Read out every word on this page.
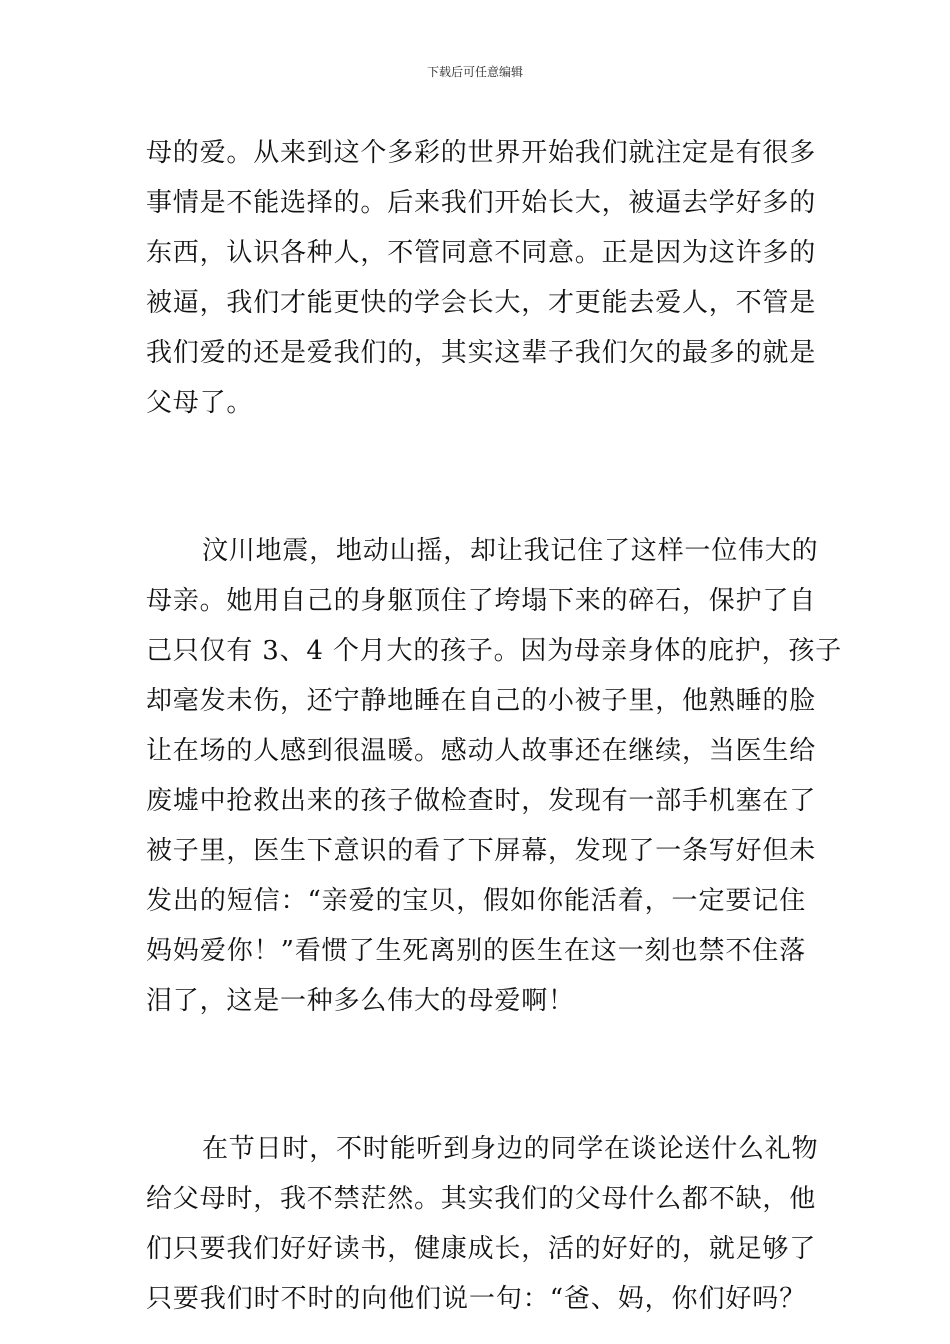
下载后可任意编辑

母的爱。从来到这个多彩的世界开始我们就注定是有很多
事情是不能选择的。后来我们开始长大，被逼去学好多的
东西，认识各种人，不管同意不同意。正是因为这许多的
被逼，我们才能更快的学会长大，才更能去爱人，不管是
我们爱的还是爱我们的，其实这辈子我们欠的最多的就是
父母了。

汶川地震，地动山摇，却让我记住了这样一位伟大的
母亲。她用自己的身躯顶住了垮塌下来的碎石，保护了自
己只仅有 3、4 个月大的孩子。因为母亲身体的庇护，孩子
却毫发未伤，还宁静地睡在自己的小被子里，他熟睡的脸
让在场的人感到很温暖。感动人故事还在继续，当医生给
废墟中抢救出来的孩子做检查时，发现有一部手机塞在了
被子里，医生下意识的看了下屏幕，发现了一条写好但未
发出的短信：“亲爱的宝贝，假如你能活着，一定要记住
妈妈爱你！”看惯了生死离别的医生在这一刻也禁不住落
泪了，这是一种多么伟大的母爱啊！

在节日时，不时能听到身边的同学在谈论送什么礼物
给父母时，我不禁茫然。其实我们的父母什么都不缺，他
们只要我们好好读书，健康成长，活的好好的，就足够了
只要我们时不时的向他们说一句：“爸、妈，你们好吗？
